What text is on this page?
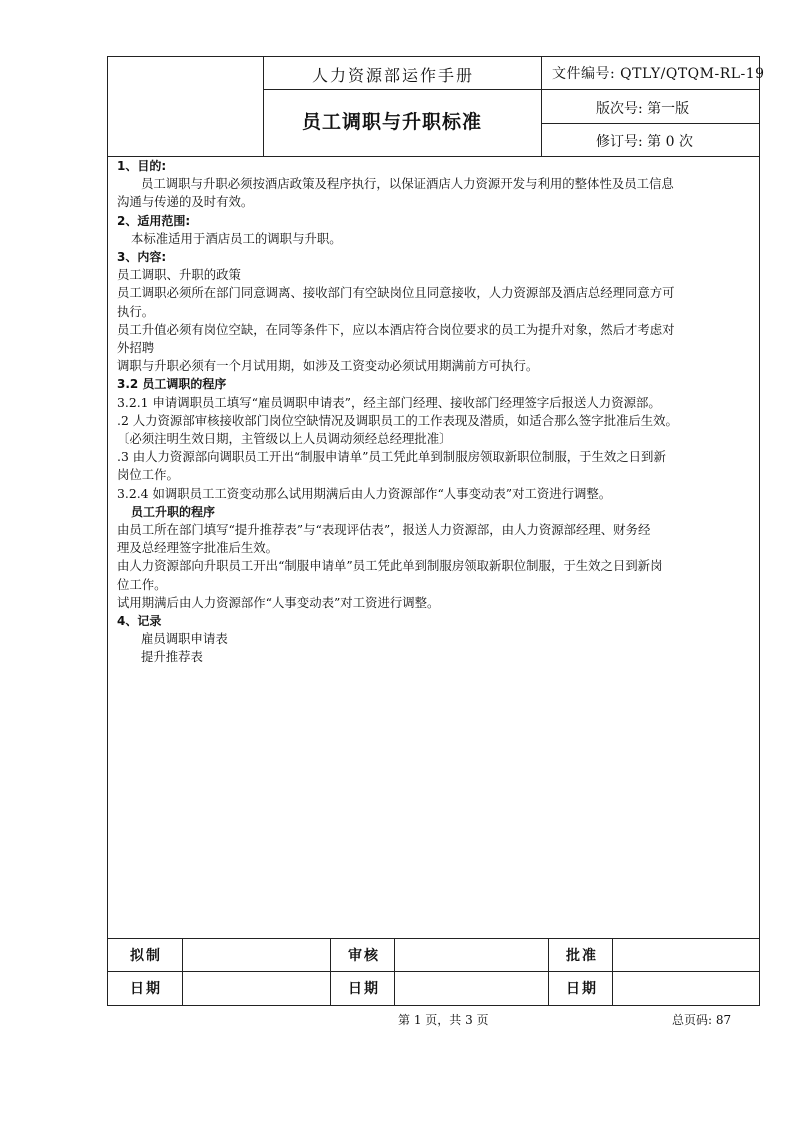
人力资源部运作手册	文件编号: QTLY/QTQM-RL-19
员工调职与升职标准
版次号: 第一版
修订号: 第 0 次

1、目的:

员工调职与升职必须按酒店政策及程序执行，以保证酒店人力资源开发与利用的整体性及员工信息

沟通与传递的及时有效。

2、适用范围:

本标准适用于酒店员工的调职与升职。

3、内容:

员工调职、升职的政策

员工调职必须所在部门同意调离、接收部门有空缺岗位且同意接收，人力资源部及酒店总经理同意方可

执行。

员工升值必须有岗位空缺，在同等条件下，应以本酒店符合岗位要求的员工为提升对象，然后才考虑对

外招聘

调职与升职必须有一个月试用期，如涉及工资变动必须试用期满前方可执行。

3.2 员工调职的程序

3.2.1 申请调职员工填写“雇员调职申请表”，经主部门经理、接收部门经理签字后报送人力资源部。

.2 人力资源部审核接收部门岗位空缺情况及调职员工的工作表现及潜质，如适合那么签字批准后生效。

〔必须注明生效日期，主管级以上人员调动须经总经理批准〕

.3 由人力资源部向调职员工开出“制服申请单”员工凭此单到制服房领取新职位制服，于生效之日到新

岗位工作。

3.2.4 如调职员工工资变动那么试用期满后由人力资源部作“人事变动表”对工资进行调整。

员工升职的程序

由员工所在部门填写“提升推荐表”与“表现评估表”，报送人力资源部，由人力资源部经理、财务经

理及总经理签字批准后生效。

由人力资源部向升职员工开出“制服申请单”员工凭此单到制服房领取新职位制服，于生效之日到新岗

位工作。

试用期满后由人力资源部作“人事变动表”对工资进行调整。

4、记录

雇员调职申请表

提升推荐表

拟制	审核	批准
日期	日期	日期
第 1 页，共 3 页	总页码: 87
